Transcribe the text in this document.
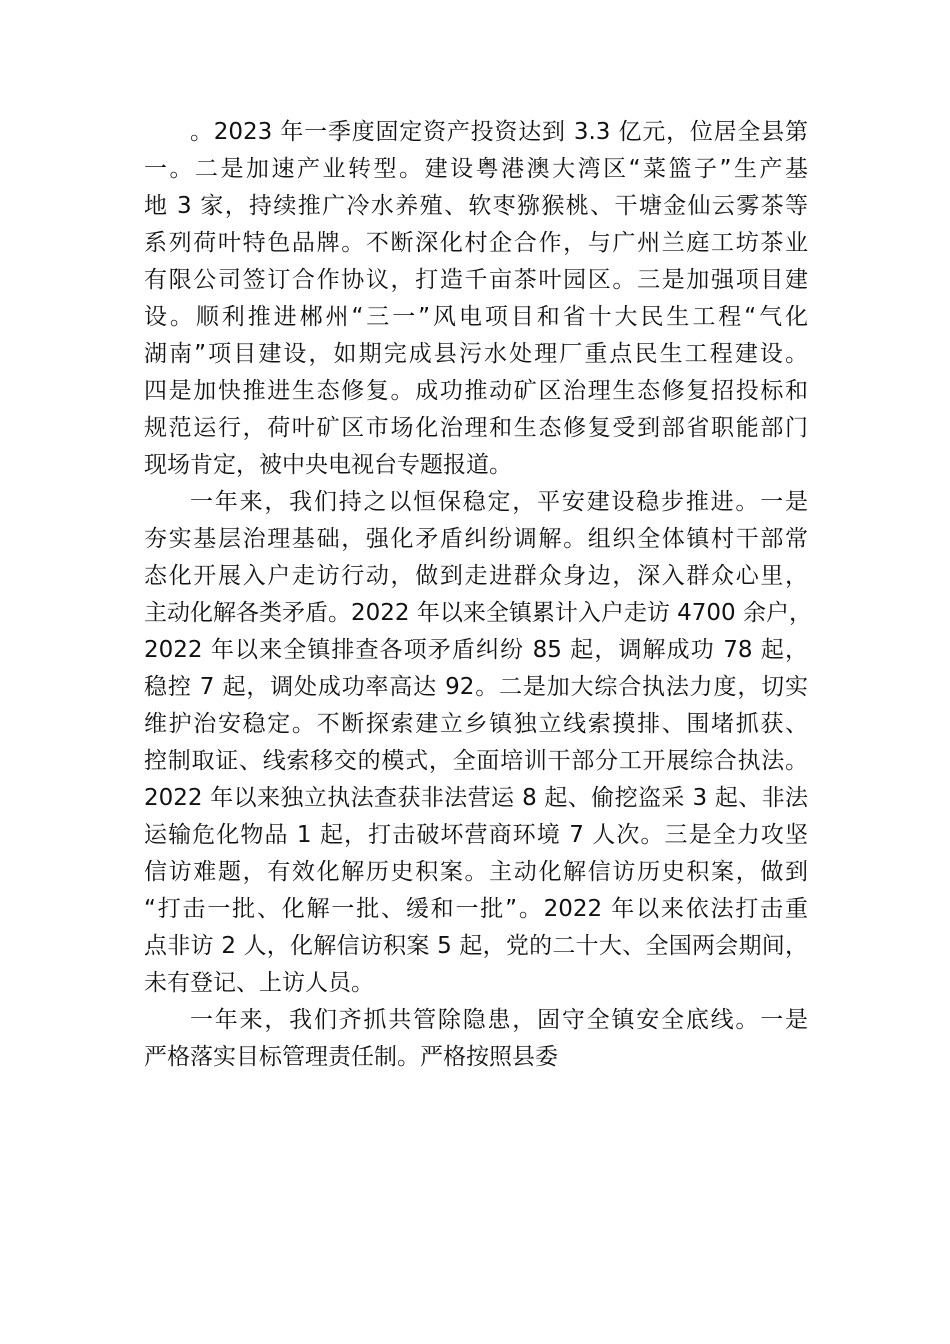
。2023 年一季度固定资产投资达到 3.3 亿元，位居全县第
一。二是加速产业转型。建设粤港澳大湾区“菜篮子”生产基
地 3 家，持续推广冷水养殖、软枣猕猴桃、干塘金仙云雾茶等
系列荷叶特色品牌。不断深化村企合作，与广州兰庭工坊茶业
有限公司签订合作协议，打造千亩茶叶园区。三是加强项目建
设。顺利推进郴州“三一”风电项目和省十大民生工程“气化
湖南”项目建设，如期完成县污水处理厂重点民生工程建设。
四是加快推进生态修复。成功推动矿区治理生态修复招投标和
规范运行，荷叶矿区市场化治理和生态修复受到部省职能部门
现场肯定，被中央电视台专题报道。
一年来，我们持之以恒保稳定，平安建设稳步推进。一是
夯实基层治理基础，强化矛盾纠纷调解。组织全体镇村干部常
态化开展入户走访行动，做到走进群众身边，深入群众心里，
主动化解各类矛盾。2022 年以来全镇累计入户走访 4700 余户，
2022 年以来全镇排查各项矛盾纠纷 85 起，调解成功 78 起，
稳控 7 起，调处成功率高达 92。二是加大综合执法力度，切实
维护治安稳定。不断探索建立乡镇独立线索摸排、围堵抓获、
控制取证、线索移交的模式，全面培训干部分工开展综合执法。
2022 年以来独立执法查获非法营运 8 起、偷挖盗采 3 起、非法
运输危化物品 1 起，打击破坏营商环境 7 人次。三是全力攻坚
信访难题，有效化解历史积案。主动化解信访历史积案，做到
“打击一批、化解一批、缓和一批”。2022 年以来依法打击重
点非访 2 人，化解信访积案 5 起，党的二十大、全国两会期间，
未有登记、上访人员。
一年来，我们齐抓共管除隐患，固守全镇安全底线。一是
严格落实目标管理责任制。严格按照县委
